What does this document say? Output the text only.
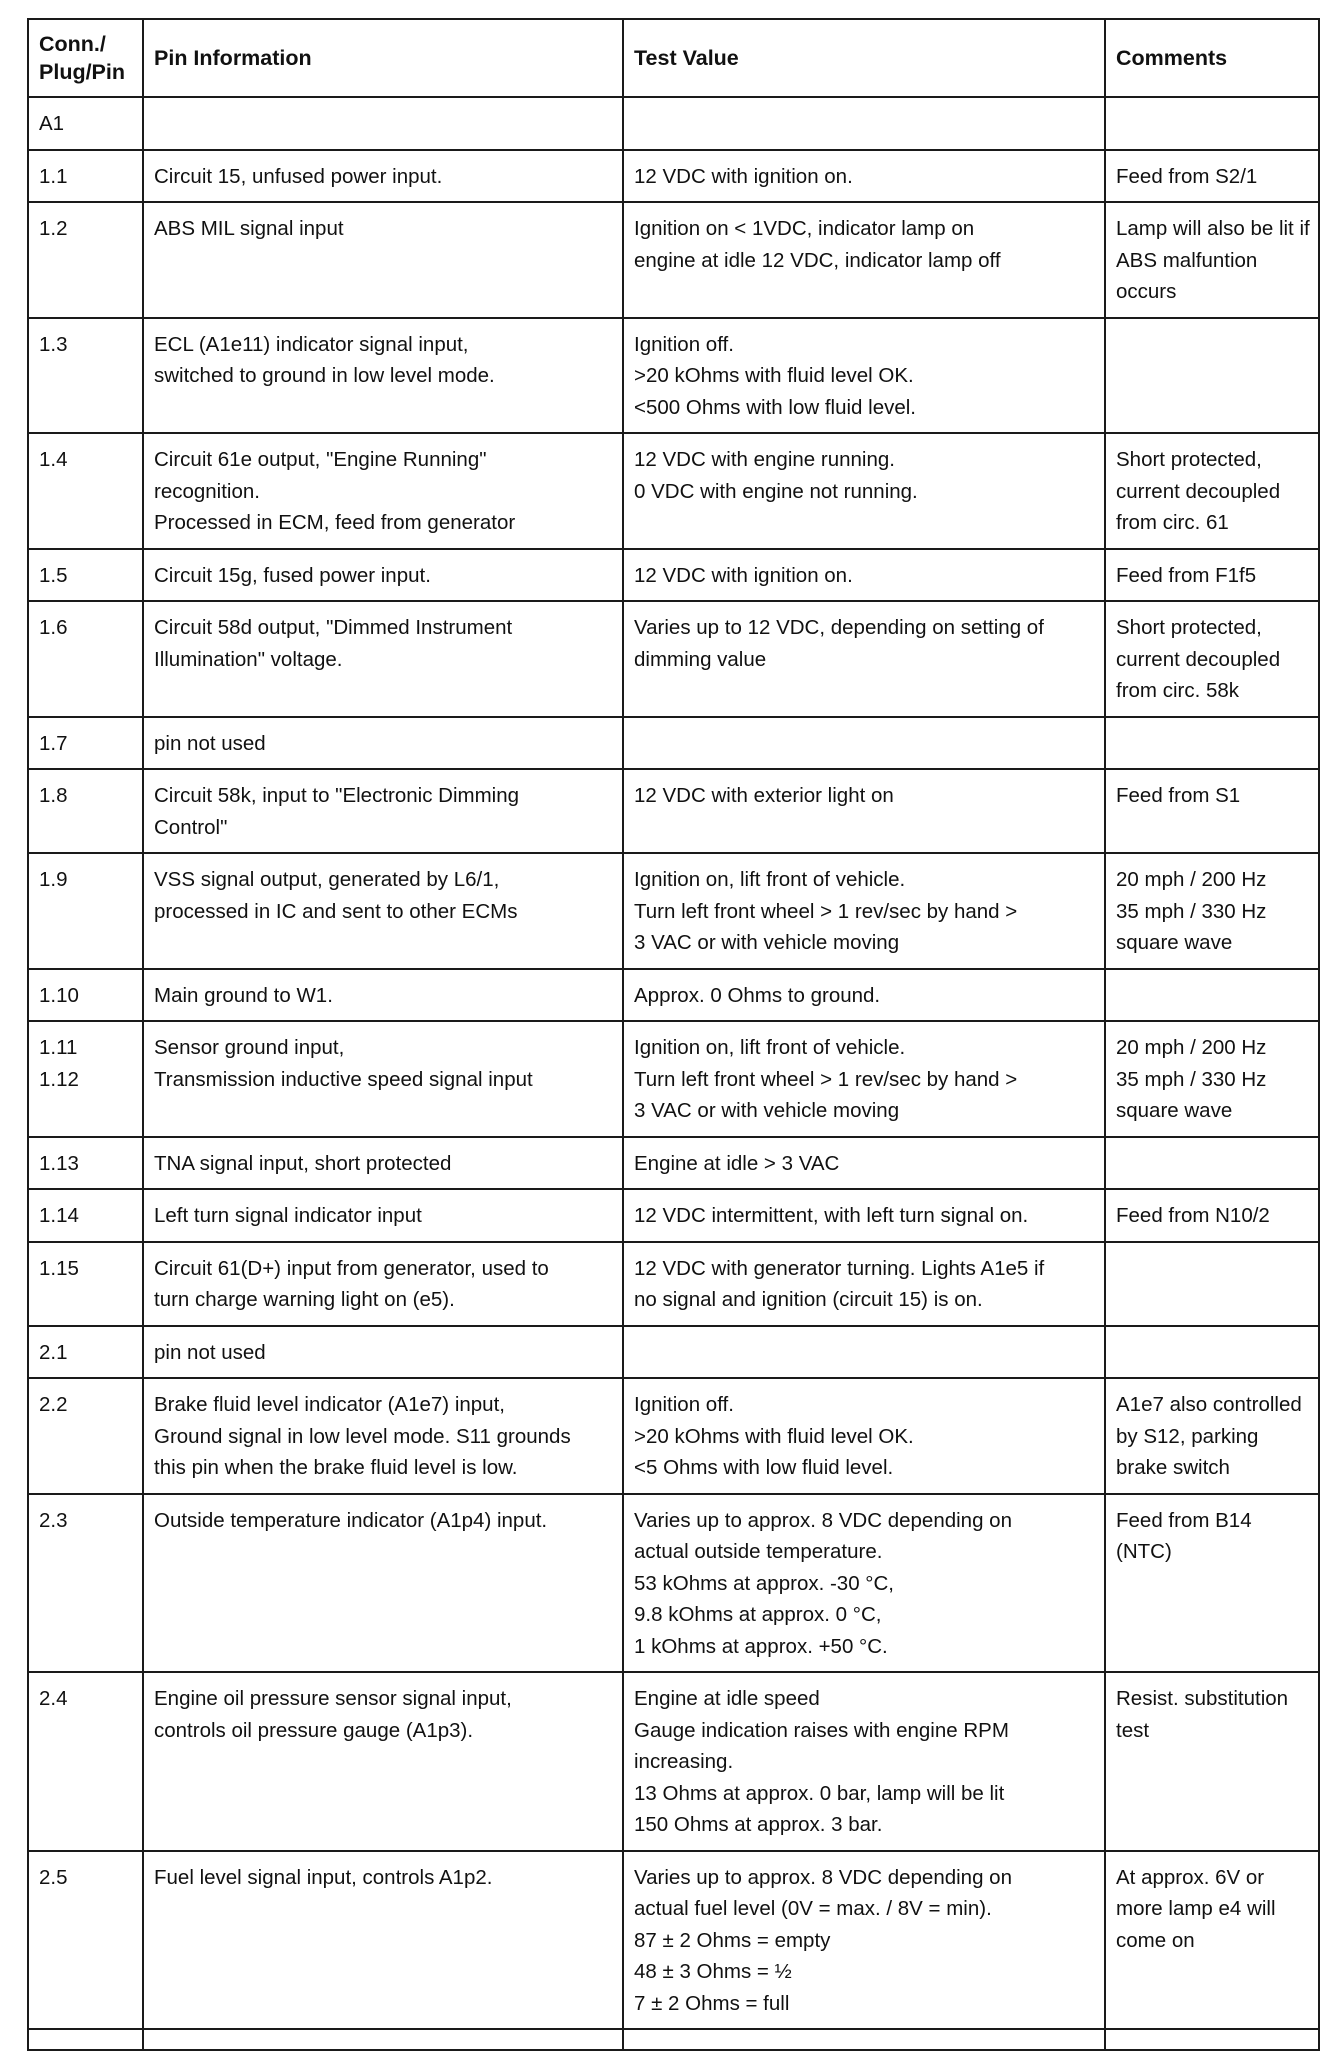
Conn./
Plug/Pin	Pin Information	Test Value	Comments
A1			
1.1	Circuit 15, unfused power input.	12 VDC with ignition on.	Feed from S2/1
1.2	ABS MIL signal input	Ignition on < 1VDC, indicator lamp on
engine at idle 12 VDC, indicator lamp off	Lamp will also be lit if ABS malfuntion occurs
1.3	ECL (A1e11) indicator signal input,
switched to ground in low level mode.	Ignition off.
>20 kOhms with fluid level OK.
<500 Ohms with low fluid level.	
1.4	Circuit 61e output, "Engine Running"
recognition.
Processed in ECM, feed from generator	12 VDC with engine running.
0 VDC with engine not running.	Short protected, current decoupled from circ. 61
1.5	Circuit 15g, fused power input.	12 VDC with ignition on.	Feed from F1f5
1.6	Circuit 58d output, "Dimmed Instrument
Illumination" voltage.	Varies up to 12 VDC, depending on setting of
dimming value	Short protected, current decoupled from circ. 58k
1.7	pin not used		
1.8	Circuit 58k, input to "Electronic Dimming
Control"	12 VDC with exterior light on	Feed from S1
1.9	VSS signal output, generated by L6/1,
processed in IC and sent to other ECMs	Ignition on, lift front of vehicle.
Turn left front wheel > 1 rev/sec by hand >
3 VAC or with vehicle moving	20 mph / 200 Hz
35 mph / 330 Hz
square wave
1.10	Main ground to W1.	Approx. 0 Ohms to ground.	
1.11
1.12	Sensor ground input,
Transmission inductive speed signal input	Ignition on, lift front of vehicle.
Turn left front wheel > 1 rev/sec by hand >
3 VAC or with vehicle moving	20 mph / 200 Hz
35 mph / 330 Hz
square wave
1.13	TNA signal input, short protected	Engine at idle > 3 VAC	
1.14	Left turn signal indicator input	12 VDC intermittent, with left turn signal on.	Feed from N10/2
1.15	Circuit 61(D+) input from generator, used to
turn charge warning light on (e5).	12 VDC with generator turning. Lights A1e5 if
no signal and ignition (circuit 15) is on.	
2.1	pin not used		
2.2	Brake fluid level indicator (A1e7) input,
Ground signal in low level mode. S11 grounds
this pin when the brake fluid level is low.	Ignition off.
>20 kOhms with fluid level OK.
<5 Ohms with low fluid level.	A1e7 also controlled by S12, parking brake switch
2.3	Outside temperature indicator (A1p4) input.	Varies up to approx. 8 VDC depending on
actual outside temperature.
53 kOhms at approx. -30 °C,
9.8 kOhms at approx. 0 °C,
1 kOhms at approx. +50 °C.	Feed from B14 (NTC)
2.4	Engine oil pressure sensor signal input,
controls oil pressure gauge (A1p3).	Engine at idle speed
Gauge indication raises with engine RPM
increasing.
13 Ohms at approx. 0 bar, lamp will be lit
150 Ohms at approx. 3 bar.	Resist. substitution test
2.5	Fuel level signal input, controls A1p2.	Varies up to approx. 8 VDC depending on
actual fuel level (0V = max. / 8V = min).
87 ± 2 Ohms = empty
48 ± 3 Ohms = ½
7 ± 2 Ohms = full	At approx. 6V or more lamp e4 will come on
